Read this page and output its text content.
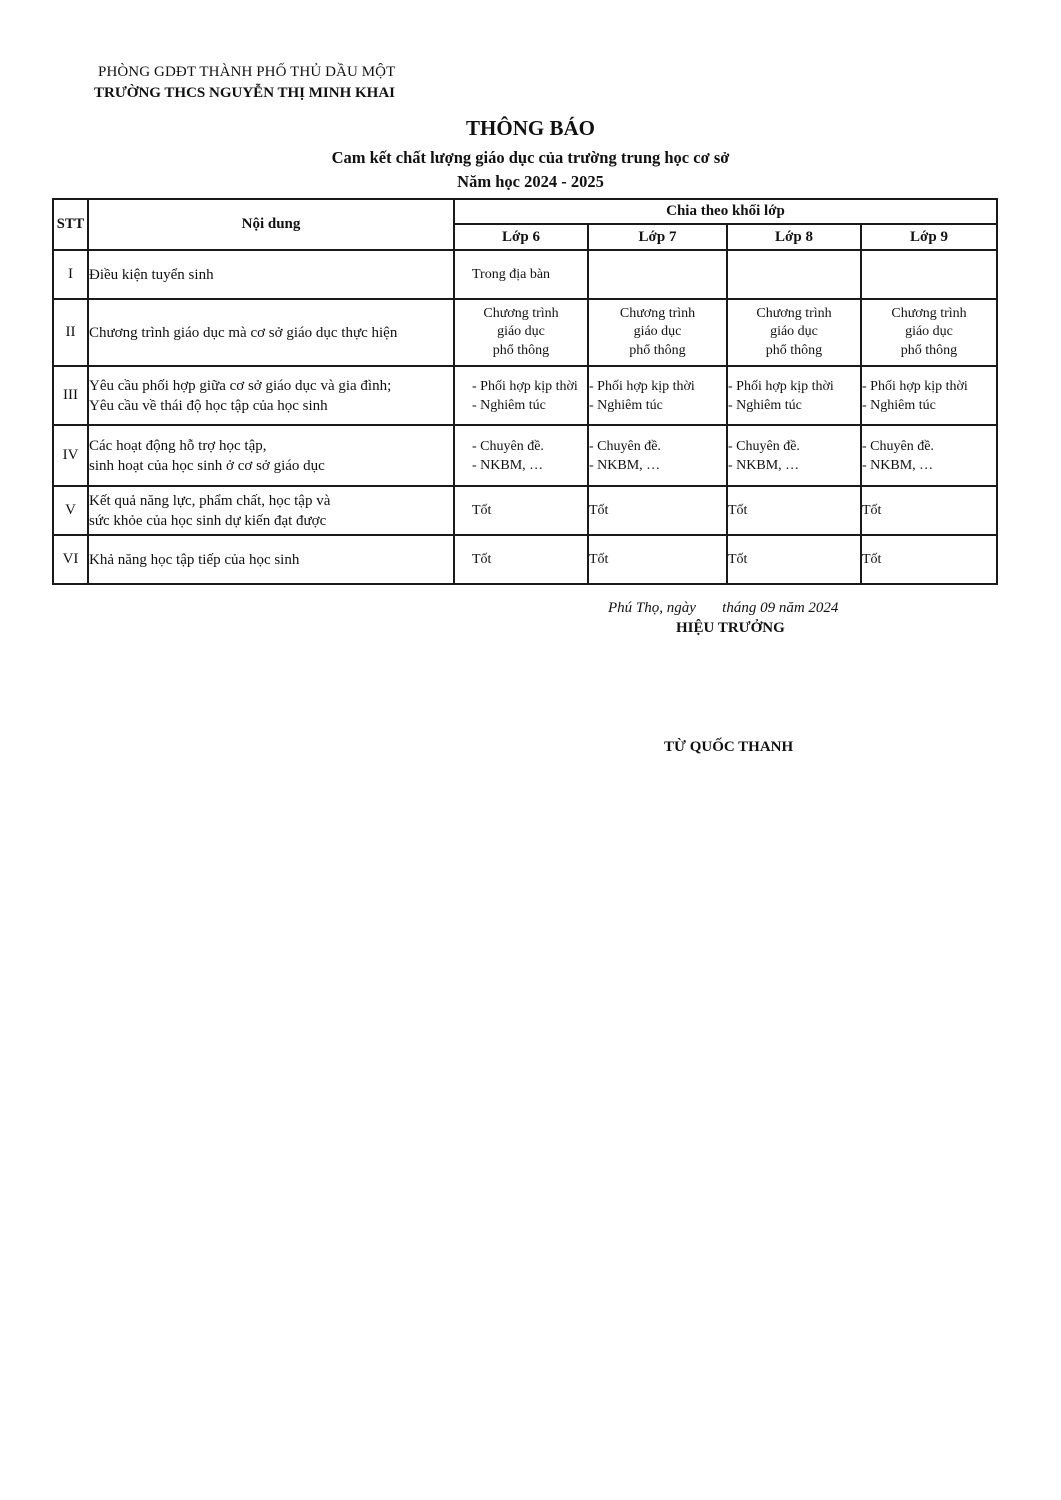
PHÒNG GDĐT THÀNH PHỐ THỦ DẦU MỘT
TRƯỜNG THCS NGUYỄN THỊ MINH KHAI
THÔNG BÁO
Cam kết chất lượng giáo dục của trường trung học cơ sở
Năm học 2024 - 2025
STT	Nội dung	Chia theo khối lớp			
		Lớp 6	Lớp 7	Lớp 8	Lớp 9
I	Điều kiện tuyển sinh	Trong địa bàn			

II	Chương trình giáo dục mà cơ sở giáo dục thực hiện	Chương trình
giáo dục
phổ thông	Chương trình
giáo dục
phổ thông	Chương trình
giáo dục
phổ thông	Chương trình
giáo dục
phổ thông

III	Yêu cầu phối hợp giữa cơ sở giáo dục và gia đình;
Yêu cầu về thái độ học tập của học sinh	- Phối hợp kịp thời
- Nghiêm túc	- Phối hợp kịp thời
- Nghiêm túc	- Phối hợp kịp thời
- Nghiêm túc	- Phối hợp kịp thời
- Nghiêm túc

IV	Các hoạt động hỗ trợ học tập,
sinh hoạt của học sinh ở cơ sở giáo dục	- Chuyên đề.
- NKBM, …	- Chuyên đề.
- NKBM, …	- Chuyên đề.
- NKBM, …	- Chuyên đề.
- NKBM, …

V	Kết quả năng lực, phẩm chất, học tập và
sức khỏe của học sinh dự kiến đạt được	Tốt	Tốt	Tốt	Tốt

VI	Khả năng học tập tiếp của học sinh	Tốt	Tốt	Tốt	Tốt
Phú Thọ, ngày       tháng 09 năm 2024
HIỆU TRƯỞNG
TỪ QUỐC THANH
